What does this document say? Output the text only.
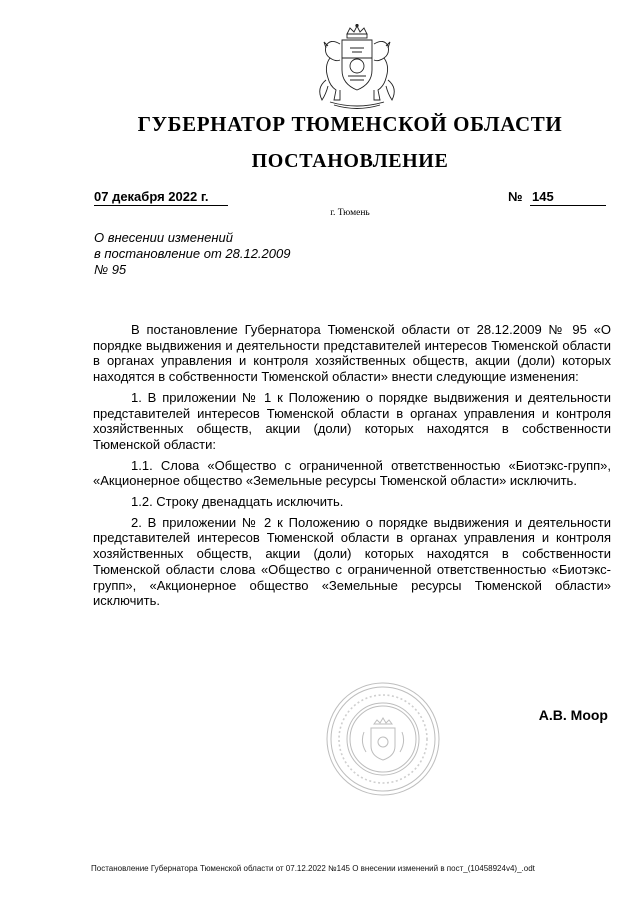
ГУБЕРНАТОР ТЮМЕНСКОЙ ОБЛАСТИ
ПОСТАНОВЛЕНИЕ
07 декабря 2022 г.	№ 145
г. Тюмень
О внесении изменений
в постановление от 28.12.2009
№ 95

В постановление Губернатора Тюменской области от 28.12.2009 № 95 «О порядке выдвижения и деятельности представителей интересов Тюменской области в органах управления и контроля хозяйственных обществ, акции (доли) которых находятся в собственности Тюменской области» внести следующие изменения:

1. В приложении № 1 к Положению о порядке выдвижения и деятельности представителей интересов Тюменской области в органах управления и контроля хозяйственных обществ, акции (доли) которых находятся в собственности Тюменской области:

1.1. Слова «Общество с ограниченной ответственностью «Биотэкс-групп», «Акционерное общество «Земельные ресурсы Тюменской области» исключить.

1.2. Строку двенадцать исключить.

2. В приложении № 2 к Положению о порядке выдвижения и деятельности представителей интересов Тюменской области в органах управления и контроля хозяйственных обществ, акции (доли) которых находятся в собственности Тюменской области слова «Общество с ограниченной ответственностью «Биотэкс-групп», «Акционерное общество «Земельные ресурсы Тюменской области» исключить.

А.В. Моор
Постановление Губернатора Тюменской области от 07.12.2022 №145 О внесении изменений в пост_(10458924v4)_.odt
